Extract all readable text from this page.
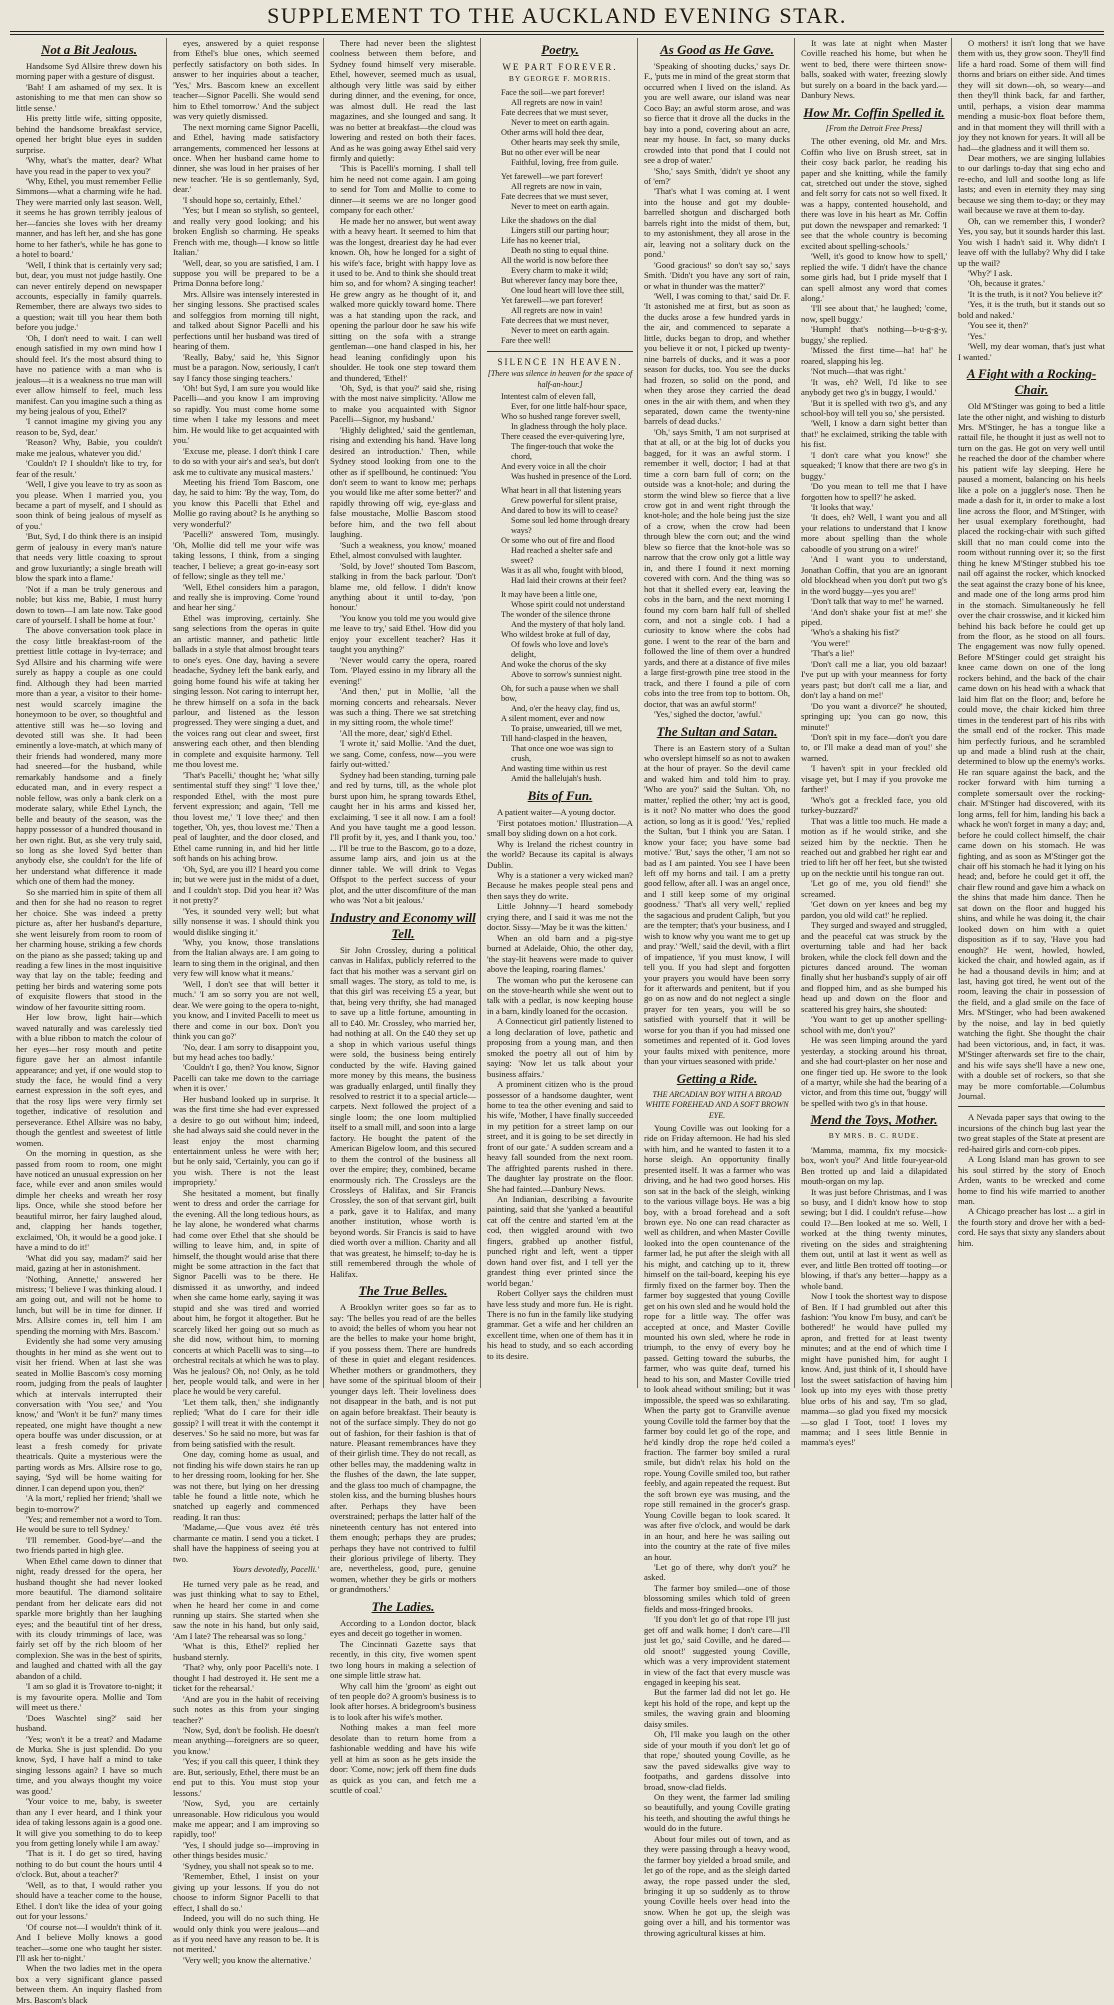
SUPPLEMENT TO THE AUCKLAND EVENING STAR.
Not a Bit Jealous.

Handsome Syd Allsire threw down his morning paper with a gesture of disgust.

'Bah! I am ashamed of my sex. It is astonishing to me that men can show so little sense.'

His pretty little wife, sitting opposite, behind the handsome breakfast service, opened her bright blue eyes in sudden surprise.

'Why, what's the matter, dear? What have you read in the paper to vex you?'

'Why, Ethel, you must remember Fellie Simmons—what a charming wife he had. They were married only last season. Well, it seems he has grown terribly jealous of her—fancies she loves with her dreamy manner, and has left her, and she has gone home to her father's, while he has gone to a hotel to board.'

'Well, I think that is certainly very sad; but, dear, you must not judge hastily. One can never entirely depend on newspaper accounts, especially in family quarrels. Remember, there are always two sides to a question; wait till you hear them both before you judge.'

'Oh, I don't need to wait. I can well enough satisfied in my own mind how I should feel. It's the most absurd thing to have no patience with a man who is jealous—it is a weakness no true man will ever allow himself to feel, much less manifest. Can you imagine such a thing as my being jealous of you, Ethel?'

'I cannot imagine my giving you any reason to be, Syd, dear.'

'Reason? Why, Babie, you couldn't make me jealous, whatever you did.'

'Couldn't I? I shouldn't like to try, for fear of the result.'

'Well, I give you leave to try as soon as you please. When I married you, you became a part of myself, and I should as soon think of being jealous of myself as of you.'

'But, Syd, I do think there is an insipid germ of jealousy in every man's nature that needs very little coaxing to sprout and grow luxuriantly; a single breath will blow the spark into a flame.'

'Not if a man be truly generous and noble; but kiss me, Babie, I must hurry down to town—I am late now. Take good care of yourself. I shall be home at four.'

The above conversation took place in the cosy little breakfast-room of the prettiest little cottage in Ivy-terrace; and Syd Allsire and his charming wife were surely as happy a couple as one could find. Although they had been married more than a year, a visitor to their home-nest would scarcely imagine the honeymoon to be over, so thoughtful and attentive still was he—so loving and devoted still was she. It had been eminently a love-match, at which many of their friends had wondered, many more had sneered—for the husband, while remarkably handsome and a finely educated man, and in every respect a noble fellow, was only a bank clerk on a moderate salary, while Ethel Lynch, the belle and beauty of the season, was the happy possessor of a hundred thousand in her own right. But, as she very truly said, so long as she loved Syd better than anybody else, she couldn't for the life of her understand what difference it made which one of them had the money.

So she married him in spite of them all and then for she had no reason to regret her choice. She was indeed a pretty picture as, after her husband's departure, she went leisurely from room to room of her charming house, striking a few chords on the piano as she passed; taking up and reading a few lines in the most inquisitive way that lay on the table; feeding and petting her birds and watering some pots of exquisite flowers that stood in the window of her favourite sitting room.

Her low brow, light hair—which waved naturally and was carelessly tied with a blue ribbon to match the colour of her eyes—her rosy mouth and petite figure gave her an almost infantile appearance; and yet, if one would stop to study the face, he would find a very earnest expression in the soft eyes, and that the rosy lips were very firmly set together, indicative of resolution and perseverance. Ethel Allsire was no baby, though the gentlest and sweetest of little women.

On the morning in question, as she passed from room to room, one might have noticed an unusual expression on her face, while ever and anon smiles would dimple her cheeks and wreath her rosy lips. Once, while she stood before her beautiful mirror, her fairy laughed aloud, and, clapping her hands together, exclaimed, 'Oh, it would be a good joke. I have a mind to do it!'

'What did you say, madam?' said her maid, gazing at her in astonishment.

'Nothing, Annette,' answered her mistress; 'I believe I was thinking aloud. I am going out, and will not be home to lunch, but will be in time for dinner. If Mrs. Allsire comes in, tell him I am spending the morning with Mrs. Bascom.'

Evidently she had some very amusing thoughts in her mind as she went out to visit her friend. When at last she was seated in Mollie Bascom's cosy morning room, judging from the peals of laughter which at intervals interrupted their conversation with 'You see,' and 'You know,' and 'Won't it be fun?' many times repeated, one might have thought a new opera bouffe was under discussion, or at least a fresh comedy for private theatricals. Quite a mysterious were the parting words as Mrs. Allsire rose to go, saying, 'Syd will be home waiting for dinner. I can depend upon you, then?'

'A la mort,' replied her friend; 'shall we begin to-morrow?'

'Yes; and remember not a word to Tom. He would be sure to tell Sydney.'

'I'll remember. Good-bye'—and the two friends parted in high glee.

When Ethel came down to dinner that night, ready dressed for the opera, her husband thought she had never looked more beautiful. The diamond solitaire pendant from her delicate ears did not sparkle more brightly than her laughing eyes; and the beautiful tint of her dress, with its cloudy trimmings of lace, was fairly set off by the rich bloom of her complexion. She was in the best of spirits, and laughed and chatted with all the gay abandon of a child.

'I am so glad it is Trovatore to-night; it is my favourite opera. Mollie and Tom will meet us there.'

'Does Waschtel sing?' said her husband.

'Yes; won't it be a treat? and Madame de Murka. She is just splendid. Do you know, Syd, I have half a mind to take singing lessons again? I have so much time, and you always thought my voice was good.'

'Your voice to me, baby, is sweeter than any I ever heard, and I think your idea of taking lessons again is a good one. It will give you something to do to keep you from getting lonely while I am away.'

'That is it. I do get so tired, having nothing to do but count the hours until 4 o'clock. But, about a teacher?'

'Well, as to that, I would rather you should have a teacher come to the house, Ethel. I don't like the idea of your going out for your lessons.'

'Of course not—I wouldn't think of it. And I believe Molly knows a good teacher—some one who taught her sister. I'll ask her to-night.'

When the two ladies met in the opera box a very significant glance passed between them. An inquiry flashed from Mrs. Bascom's black

eyes, answered by a quiet response from Ethel's blue ones, which seemed perfectly satisfactory on both sides. In answer to her inquiries about a teacher, 'Yes,' Mrs. Bascom knew an excellent teacher—Signor Pacelli. She would send him to Ethel tomorrow.' And the subject was very quietly dismissed.

The next morning came Signor Pacelli, and Ethel, having made satisfactory arrangements, commenced her lessons at once. When her husband came home to dinner, she was loud in her praises of her new teacher. 'He is so gentlemanly, Syd, dear.'

'I should hope so, certainly, Ethel.'

'Yes; but I mean so stylish, so genteel, and really very good looking; and his broken English so charming. He speaks French with me, though—I know so little Italian.'

'Well, dear, so you are satisfied, I am. I suppose you will be prepared to be a Prima Donna before long.'

Mrs. Allsire was intensely interested in her singing lessons. She practised scales and solfeggios from morning till night, and talked about Signor Pacelli and his perfections until her husband was tired of hearing of them.

'Really, Baby,' said he, 'this Signor must be a paragon. Now, seriously, I can't say I fancy those singing teachers.'

'Oh! but Syd, I am sure you would like Pacelli—and you know I am improving so rapidly. You must come home some time when I take my lessons and meet him. He would like to get acquainted with you.'

'Excuse me, please. I don't think I care to do so with your air's and sea's, but don't ask me to cultivate any musical masters.'

Meeting his friend Tom Bascom, one day, he said to him: 'By the way, Tom, do you know this Pacelli that Ethel and Mollie go raving about? Is he anything so very wonderful?'

'Pacelli?' answered Tom, musingly. 'Oh, Mollie did tell me your wife was taking lessons, I think, from a singing teacher, I believe; a great go-in-easy sort of fellow; single as they tell me.'

'Well, Ethel considers him a paragon, and really she is improving. Come 'round and hear her sing.'

Ethel was improving, certainly. She sang selections from the operas in quite an artistic manner, and pathetic little ballads in a style that almost brought tears to one's eyes. One day, having a severe headache, Sydney left the bank early, and going home found his wife at taking her singing lesson. Not caring to interrupt her, he threw himself on a sofa in the back parlour, and listened as the lesson progressed. They were singing a duet, and the voices rang out clear and sweet, first answering each other, and then blending in complete and exquisite harmony. Tell me thou lovest me.

'That's Pacelli,' thought he; 'what silly sentimental stuff they sing!' 'I love thee,' responded Ethel, with the most pure fervent expression; and again, 'Tell me thou lovest me,' 'I love thee;' and then together, 'Oh, yes, thou lovest me.' Then a peal of laughter, and the door closed, and Ethel came running in, and hid her little soft hands on his aching brow.

'Oh, Syd, are you ill? I heard you come in; but we were just in the midst of a duet, and I couldn't stop. Did you hear it? Was it not pretty?'

'Yes, it sounded very well; but what silly nonsense it was. I should think you would dislike singing it.'

'Why, you know, those translations from the Italian always are. I am going to learn to sing them in the original, and then very few will know what it means.'

'Well, I don't see that will better it much.' 'I am so sorry you are not well, dear. We were going to the opera to-night, you know, and I invited Pacelli to meet us there and come in our box. Don't you think you can go?'

'No, dear. I am sorry to disappoint you, but my head aches too badly.'

'Couldn't I go, then? You know, Signor Pacelli can take me down to the carriage when it is over.'

Her husband looked up in surprise. It was the first time she had ever expressed a desire to go out without him; indeed, she had always said she could never in the least enjoy the most charming entertainment unless he were with her; but he only said, 'Certainly, you can go if you wish. There is not the least impropriety.'

She hesitated a moment, but finally went to dress and order the carriage for the evening. All the long tedious hours, as he lay alone, he wondered what charms had come over Ethel that she should be willing to leave him, and, in spite of himself, the thought would arise that there might be some attraction in the fact that Signor Pacelli was to be there. He dismissed it as unworthy, and indeed when she came home early, saying it was stupid and she was tired and worried about him, he forgot it altogether. But he scarcely liked her going out so much as she did now, without him, to morning concerts at which Pacelli was to sing—to orchestral recitals at which he was to play. Was he jealous? Oh, no! Only, as he told her, people would talk, and were in her place he would be very careful.

'Let them talk, then,' she indignantly replied; 'What do I care for their idle gossip? I will treat it with the contempt it deserves.' So he said no more, but was far from being satisfied with the result.

One day, coming home as usual, and not finding his wife down stairs he ran up to her dressing room, looking for her. She was not there, but lying on her dressing table he found a little note, which he snatched up eagerly and commenced reading. It ran thus:

'Madame,—Que vous avez été très charmante ce matin. I send you a ticket. I shall have the happiness of seeing you at two.

Yours devotedly, Pacelli.'

He turned very pale as he read, and was just thinking what to say to Ethel, when he heard her come in and come running up stairs. She started when she saw the note in his hand, but only said, 'Am I late? The rehearsal was so long.'

'What is this, Ethel?' replied her husband sternly.

'That? why, only poor Pacelli's note. I thought I had destroyed it. He sent me a ticket for the rehearsal.'

'And are you in the habit of receiving such notes as this from your singing teacher?'

'Now, Syd, don't be foolish. He doesn't mean anything—foreigners are so queer, you know.'

'Yes; if you call this queer, I think they are. But, seriously, Ethel, there must be an end put to this. You must stop your lessons.'

'Now, Syd, you are certainly unreasonable. How ridiculous you would make me appear; and I am improving so rapidly, too!'

'Yes, I should judge so—improving in other things besides music.'

'Sydney, you shall not speak so to me.

'Remember, Ethel, I insist on your giving up your lessons. If you do not choose to inform Signor Pacelli to that effect, I shall do so.'

Indeed, you will do no such thing. He would only think you were jealous—and as if you need have any reason to be. It is not merited.'

'Very well; you know the alternative.'

There had never been the slightest coolness between them before, and Sydney found himself very miserable. Ethel, however, seemed much as usual, although very little was said by either during dinner, and the evening, for once, was almost dull. He read the last magazines, and she lounged and sang. It was no better at breakfast—the cloud was lowering and rested on both their faces. And as he was going away Ethel said very firmly and quietly:

'This is Pacelli's morning. I shall tell him he need not come again. I am going to send for Tom and Mollie to come to dinner—it seems we are no longer good company for each other.'

He made her no answer, but went away with a heavy heart. It seemed to him that was the longest, dreariest day he had ever known. Oh, how he longed for a sight of his wife's face, bright with happy love as it used to be. And to think she should treat him so, and for whom? A singing teacher! He grew angry as he thought of it, and walked more quickly toward home. There was a hat standing upon the rack, and opening the parlour door he saw his wife sitting on the sofa with a strange gentleman—one hand clasped in his, her head leaning confidingly upon his shoulder. He took one step toward them and thundered, 'Ethel!'

'Oh, Syd, is that you?' said she, rising with the most naive simplicity. 'Allow me to make you acquainted with Signor Pacelli—Signor, my husband.'

'Highly delighted,' said the gentleman, rising and extending his hand. 'Have long desired an introduction.' Then, while Sydney stood looking from one to the other as if spellbound, he continued: 'You don't seem to want to know me; perhaps you would like me after some better?' and rapidly throwing off wig, eye-glass and false moustache, Mollie Bascom stood before him, and the two fell about laughing.

'Such a weakness, you know,' moaned Ethel, almost convulsed with laughter.

'Sold, by Jove!' shouted Tom Bascom, stalking in from the back parlour. 'Don't blame me, old fellow. I didn't know anything about it until to-day, 'pon honour.'

'You know you told me you would give me leave to try,' said Ethel. 'How did you enjoy your excellent teacher? Has it taught you anything?'

'Never would carry the opera, roared Tom. 'Played essino in my library all the evening!'

'And then,' put in Mollie, 'all the morning concerts and rehearsals. Never was such a thing. There we sat stretching in my sitting room, the whole time!'

'All the more, dear,' sigh'd Ethel.

'I wrote it,' said Mollie. 'And the duet, we sang. Come, confess, now—you were fairly out-witted.'

Sydney had been standing, turning pale and red by turns, till, as the whole plot burst upon him, he sprang towards Ethel, caught her in his arms and kissed her, exclaiming, 'I see it all now. I am a fool! And you have taught me a good lesson. I'll profit by it, yes, and I thank you, too.' ... I'll be true to the Bascom, go to a doze, assume lamp airs, and join us at the dinner table. We will drink to Vegas Offspot to the perfect success of your plot, and the utter discomfiture of the man who was 'Not a bit jealous.'

Industry and Economy will Tell.

Sir John Crossley, during a political canvas in Halifax, publicly referred to the fact that his mother was a servant girl on small wages. The story, as told to me, is that this girl was receiving £5 a year, but that, being very thrifty, she had managed to save up a little fortune, amounting in all to £40. Mr. Crossley, who married her, had nothing at all. On the £40 they set up a shop in which various useful things were sold, the business being entirely conducted by the wife. Having gained more money by this means, the business was gradually enlarged, until finally they resolved to restrict it to a special article—carpets. Next followed the project of a single loom; the one loom multiplied itself to a small mill, and soon into a large factory. He bought the patent of the American Bigelow loom, and this secured to them the control of the business all over the empire; they, combined, became enormously rich. The Crossleys are the Crossleys of Halifax, and Sir Francis Crossley, the son of that servant girl, built a park, gave it to Halifax, and many another institution, whose worth is beyond words. Sir Francis is said to have died worth over a million. Charity and all that was greatest, he himself; to-day he is still remembered through the whole of Halifax.

The True Belles.

A Brooklyn writer goes so far as to say: 'The belles you read of are the belles to avoid; the belles of whom you hear not are the belles to make your home bright, if you possess them. There are hundreds of these in quiet and elegant residences. Whether mothers or grandmothers, they have some of the spiritual bloom of their younger days left. Their loveliness does not disappear in the bath, and is not put on again before breakfast. Their beauty is not of the surface simply. They do not go out of fashion, for their fashion is that of nature. Pleasant remembrances have they of their girlish time. They do not recall, as other belles may, the maddening waltz in the flushes of the dawn, the late supper, and the glass too much of champagne, the stolen kiss, and the burning blushes hours after. Perhaps they have been overstrained; perhaps the latter half of the nineteenth century has not entered into them enough; perhaps they are prudes; perhaps they have not contrived to fulfil their glorious privilege of liberty. They are, nevertheless, good, pure, genuine women, whether they be girls or mothers or grandmothers.'

The Ladies.

According to a London doctor, black eyes and deceit go together in women.

The Cincinnati Gazette says that recently, in this city, five women spent two long hours in making a selection of one simple little straw hat.

Why call him the 'groom' as eight out of ten people do? A groom's business is to look after horses. A bridegroom's business is to look after his wife's mother.

Nothing makes a man feel more desolate than to return home from a fashionable wedding and have his wife yell at him as soon as he gets inside the door: 'Come, now; jerk off them fine duds as quick as you can, and fetch me a scuttle of coal.'

Poetry.
WE PART FOREVER.

BY GEORGE F. MORRIS.

Face the soil—we part forever!

All regrets are now in vain!

Fate decrees that we must sever,

Never to meet on earth again.

Other arms will hold thee dear,

Other hearts may seek thy smile,

But no other ever will be near

Faithful, loving, free from guile.

Yet farewell—we part forever!

All regrets are now in vain,

Fate decrees that we must sever,

Never to meet on earth again.

Like the shadows on the dial

Lingers still our parting hour;

Life has no keener trial,

Death no sting to equal thine.

All the world is now before thee

Every charm to make it wild;

But wherever fancy may bore thee,

One loud heart will love thee still,

Yet farewell—we part forever!

All regrets are now in vain!

Fate decrees that we must never,

Never to meet on earth again.

Fare thee well!

SILENCE IN HEAVEN.

[There was silence in heaven for the space of half-an-hour.]

Intentest calm of eleven fall,

Ever, for one little half-hour space,

Who so hushed range forever swell,

In gladness through the holy place.

There ceased the ever-quivering lyre,

The finger-touch that woke the chord,

And every voice in all the choir

Was hushed in presence of the Lord.

What heart in all that listening years

Grew powerful for silent praise,

And dared to bow its will to cease?

Some soul led home through dreary ways?

Or some who out of fire and flood

Had reached a shelter safe and sweet?

Was it as all who, fought with blood,

Had laid their crowns at their feet?

It may have been a little one,

Whose spirit could not understand

The wonder of the silence throne

And the mystery of that holy land.

Who wildest broke at full of day,

Of fowls who love and love's delight,

And woke the chorus of the sky

Above to sorrow's sunniest night.

Oh, for such a pause when we shall bow,

And, o'er the heavy clay, find us,

A silent moment, ever and now

To praise, unwearied, till we met,

Till hand-clasped in the heaven,

That once one woe was sign to crush,

And wasting time within us rest

Amid the hallelujah's hush.

Bits of Fun.

A patient waiter—A young doctor.

'First potatoes motion.' Illustration—A small boy sliding down on a hot cork.

Why is Ireland the richest country in the world? Because its capital is always Dublin.

Why is a stationer a very wicked man? Because he makes people steal pens and then says they do write.

Little Johnny—'I heard somebody crying there, and I said it was me not the doctor. Sissy—'May be it was the kitten.'

When an old barn and a pig-stye burned at Adelaide, Ohio, the other day, 'the stay-lit heavens were made to quiver above the leaping, roaring flames.'

The woman who put the kerosene can on the stove-hearth while she went out to talk with a pedlar, is now keeping house in a barn, kindly loaned for the occasion.

A Connecticut girl patiently listened to a long declaration of love, pathetic and proposing from a young man, and then smoked the poetry all out of him by saying: 'Now let us talk about your business affairs.'

A prominent citizen who is the proud possessor of a handsome daughter, went home to tea the other evening and said to his wife, 'Mother, I have finally succeeded in my petition for a street lamp on our street, and it is going to be set directly in front of our gate.' A sudden scream and a heavy fall sounded from the next room. The affrighted parents rushed in there. The daughter lay prostrate on the floor. She had fainted.—Danbury News.

An Indianian, describing a favourite painting, said that she 'yanked a beautiful cat off the centre and started 'em at the cod, then wiggled around with two fingers, grabbed up another fistful, punched right and left, went a tipper down hand over fist, and I tell yer the grandest thing ever printed since the world began.'

Robert Collyer says the children must have less study and more fun. He is right. There is no fun in the family like studying grammar. Get a wife and her children an excellent time, when one of them has it in his head to study, and so each according to its desire.

As Good as He Gave.

'Speaking of shooting ducks,' says Dr. F., 'puts me in mind of the great storm that occurred when I lived on the island. As you are well aware, our island was near Coco Bay; an awful storm arose, and was so fierce that it drove all the ducks in the bay into a pond, covering about an acre, near my house. In fact, so many ducks crowded into that pond that I could not see a drop of water.'

'Sho,' says Smith, 'didn't ye shoot any of 'em?'

'That's what I was coming at. I went into the house and got my double-barrelled shotgun and discharged both barrels right into the midst of them, but, to my astonishment, they all arose in the air, leaving not a solitary duck on the pond.'

'Good gracious!' so don't say so,' says Smith. 'Didn't you have any sort of rain, or what in thunder was the matter?'

'Well, I was coming to that,' said Dr. F. 'It astonished me at first, but as soon as the ducks arose a few hundred yards in the air, and commenced to separate a little, ducks began to drop, and whether you believe it or not, I picked up twenty-nine barrels of ducks, and it was a poor season for ducks, too. You see the ducks had frozen, so solid on the pond, and when they arose they carried the dead ones in the air with them, and when they separated, down came the twenty-nine barrels of dead ducks.'

'Oh,' says Smith, 'I am not surprised at that at all, or at the big lot of ducks you bagged, for it was an awful storm. I remember it well, doctor; I had at that time a corn barn full of corn; on the outside was a knot-hole; and during the storm the wind blew so fierce that a live crow got in and went right through the knot-hole; and the hole being just the size of a crow, when the crow had been through blew the corn out; and the wind blew so fierce that the knot-hole was so narrow that the crow only got a little way in, and there I found it next morning covered with corn. And the thing was so hot that it shelled every ear, leaving the cobs in the barn, and the next morning I found my corn barn half full of shelled corn, and not a single cob. I had a curiosity to know where the cobs had gone. I went to the rear of the barn and followed the line of them over a hundred yards, and there at a distance of five miles a large first-growth pine tree stood in the track, and there I found a pile of corn cobs into the tree from top to bottom. Oh, doctor, that was an awful storm!'

'Yes,' sighed the doctor, 'awful.'

The Sultan and Satan.

There is an Eastern story of a Sultan who overslept himself so as not to awaken at the hour of prayer. So the devil came and waked him and told him to pray. 'Who are you?' said the Sultan. 'Oh, no matter,' replied the other; 'my act is good, is it not? No matter who does the good action, so long as it is good.' 'Yes,' replied the Sultan, 'but I think you are Satan. I know your face; you have some bad motive.' 'But,' says the other, 'I am not so bad as I am painted. You see I have been left off my horns and tail. I am a pretty good fellow, after all. I was an angel once, and I still keep some of my original goodness.' 'That's all very well,' replied the sagacious and prudent Caliph, 'but you are the tempter; that's your business, and I wish to know why you want me to get up and pray.' 'Well,' said the devil, with a flirt of impatience, 'if you must know, I will tell you. If you had slept and forgotten your prayers you would have been sorry for it afterwards and penitent, but if you go on as now and do not neglect a single prayer for ten years, you will be so satisfied with yourself that it will be worse for you than if you had missed one sometimes and repented of it. God loves your faults mixed with penitence, more than your virtues seasoned with pride.'

Getting a Ride.

THE ARCADIAN BOY WITH A BROAD WHITE FOREHEAD AND A SOFT BROWN EYE.

Young Coville was out looking for a ride on Friday afternoon. He had his sled with him, and he wanted to fasten it to a horse sleigh. An opportunity finally presented itself. It was a farmer who was driving, and he had two good horses. His son sat in the back of the sleigh, winking to the various village boys. He was a big boy, with a broad forehead and a soft brown eye. No one can read character as well as children, and when Master Coville looked into the open countenance of the farmer lad, he put after the sleigh with all his might, and catching up to it, threw himself on the tail-board, keeping his eye firmly fixed on the farmer boy. Then the farmer boy suggested that young Coville get on his own sled and he would hold the rope for a little way. The offer was accepted at once, and Master Coville mounted his own sled, where he rode in triumph, to the envy of every boy he passed. Getting toward the suburbs, the farmer, who was quite deaf, turned his head to his son, and Master Coville tried to look ahead without smiling; but it was impossible, the speed was so exhilarating. When the party got to Granville avenue young Coville told the farmer boy that the farmer boy could let go of the rope, and he'd kindly drop the rope he'd coiled a fraction. The farmer boy smiled a rural smile, but didn't relax his hold on the rope. Young Coville smiled too, but rather feebly, and again repeated the request. But the soft brown eye was musing, and the rope still remained in the grocer's grasp. Young Coville began to look scared. It was after five o'clock, and would be dark in an hour, and here he was sailing out into the country at the rate of five miles an hour.

'Let go of there, why don't you?' he asked.

The farmer boy smiled—one of those blossoming smiles which told of green fields and moss-fringed brooks.

'If you don't let go of that rope I'll just get off and walk home; I don't care—I'll just let go,' said Coville, and he dared—old snoot!' suggested young Coville, which was a very improvident statement in view of the fact that every muscle was engaged in keeping his seat.

But the farmer lad did not let go. He kept his hold of the rope, and kept up the smiles, the waving grain and blooming daisy smiles.

Oh, I'll make you laugh on the other side of your mouth if you don't let go of that rope,' shouted young Coville, as he saw the paved sidewalks give way to footpaths, and gardens dissolve into broad, snow-clad fields.

On they went, the farmer lad smiling so beautifully, and young Coville grating his teeth, and shouting the awful things he would do in the future.

About four miles out of town, and as they were passing through a heavy wood, the farmer boy yielded a broad smile, and let go of the rope, and as the sleigh darted away, the rope passed under the sled, bringing it up so suddenly as to throw young Coville heels over head into the snow. When he got up, the sleigh was going over a hill, and his tormentor was throwing agricultural kisses at him.

It was late at night when Master Coville reached his home, but when he went to bed, there were thirteen snow-balls, soaked with water, freezing slowly but surely on a board in the back yard.—Danbury News.

How Mr. Coffin Spelled it.

[From the Detroit Free Press]

The other evening, old Mr. and Mrs. Coffin who live on Brush street, sat in their cosy back parlor, he reading his paper and she knitting, while the family cat, stretched out under the stove, sighed and felt sorry for cats not so well fixed. It was a happy, contented household, and there was love in his heart as Mr. Coffin put down the newspaper and remarked: 'I see that the whole country is becoming excited about spelling-schools.'

'Well, it's good to know how to spell,' replied the wife. 'I didn't have the chance some girls had, but I pride myself that I can spell almost any word that comes along.'

'I'll see about that,' he laughed; 'come, now, spell buggy.'

'Humph! that's nothing—b-u-g-g-y, buggy,' she replied.

'Missed the first time—ha! ha!' he roared, slapping his leg.

'Not much—that was right.'

'It was, eh? Well, I'd like to see anybody get two g's in buggy, I would.'

'But it is spelled with two g's, and any school-boy will tell you so,' she persisted.

'Well, I know a darn sight better than that!' he exclaimed, striking the table with his fist.

'I don't care what you know!' she squeaked; 'I know that there are two g's in buggy.'

'Do you mean to tell me that I have forgotten how to spell?' he asked.

'It looks that way.'

'It does, eh? Well, I want you and all your relations to understand that I know more about spelling than the whole caboodle of you strung on a wire!'

'And I want you to understand, Jonathan Coffin, that you are an ignorant old blockhead when you don't put two g's in the word buggy—yes you are!'

'Don't talk that way to me!' he warned.

'And don't shake your fist at me!' she piped.

'Who's a shaking his fist?'

'You were!'

'That's a lie!'

'Don't call me a liar, you old bazaar! I've put up with your meanness for forty years past; but don't call me a liar, and don't lay a hand on me!'

'Do you want a divorce?' he shouted, springing up; 'you can go now, this minute!'

'Don't spit in my face—don't you dare to, or I'll make a dead man of you!' she warned.

'I haven't spit in your freckled old visage yet, but I may if you provoke me farther!'

'Who's got a freckled face, you old turkey-buzzard?'

That was a little too much. He made a motion as if he would strike, and she seized him by the necktie. Then he reached out and grabbed her right ear and tried to lift her off her feet, but she twisted up on the necktie until his tongue ran out.

'Let go of me, you old fiend!' she screamed.

'Get down on yer knees and beg my pardon, you old wild cat!' he replied.

They surged and swayed and struggled, and the peaceful cat was struck by the overturning table and had her back broken, while the clock fell down and the pictures danced around. The woman finally shut her husband's supply of air off and flopped him, and as she bumped his head up and down on the floor and scattered his grey hairs, she shouted:

'You want to get up another spelling-school with me, don't you?'

He was seen limping around the yard yesterday, a stocking around his throat, and she had court-plaster on her nose and one finger tied up. He swore to the look of a martyr, while she had the bearing of a victor, and from this time out, 'buggy' will be spelled with two g's in that house.

Mend the Toys, Mother.

BY MRS. B. C. RUDE.

'Mamma, mamma, fix my mocsick-box, won't you?' And little four-year-old Ben trotted up and laid a dilapidated mouth-organ on my lap.

It was just before Christmas, and I was so busy, and I didn't know how to stop sewing; but I did. I couldn't refuse—how could I?—Ben looked at me so. Well, I worked at the thing twenty minutes, riveting on the sides and straightening them out, until at last it went as well as ever, and little Ben trotted off tooting—or blowing, if that's any better—happy as a whole band.

Now I took the shortest way to dispose of Ben. If I had grumbled out after this fashion: 'You know I'm busy, and can't be bothered!' he would have pulled my apron, and fretted for at least twenty minutes; and at the end of which time I might have punished him, for aught I know. And, just think of it, I should have lost the sweet satisfaction of having him look up into my eyes with those pretty blue orbs of his and say, 'I'm so glad, mamma—so glad you fixed my mocsick—so glad I Toot, toot! I loves my mamma; and I sees little Bennie in mamma's eyes!'

O mothers! it isn't long that we have them with us, they grow soon. They'll find life a hard road. Some of them will find thorns and briars on either side. And times they will sit down—oh, so weary—and then they'll think back, far and farther, until, perhaps, a vision dear mamma mending a music-box float before them, and in that moment they will thrill with a joy they not known for years. It will all be had—the gladness and it will them so.

Dear mothers, we are singing lullabies to our darlings to-day that sing echo and re-echo, and lull and soothe long as life lasts; and even in eternity they may sing because we sing them to-day; or they may wail because we rave at them to-day.

Oh, can we remember this, I wonder? Yes, you say, but it sounds harder this last. You wish I hadn't said it. Why didn't I leave off with the lullaby? Why did I take up the wail?

'Why?' I ask.

'Oh, because it grates.'

'It is the truth, is it not? You believe it?'

'Yes, it is the truth, but it stands out so bold and naked.'

'You see it, then?'

'Yes.'

'Well, my dear woman, that's just what I wanted.'

A Fight with a Rocking-Chair.

Old M'Stinger was going to bed a little late the other night, and wishing to disturb Mrs. M'Stinger, he has a tongue like a rattail file, he thought it just as well not to turn on the gas. He got on very well until he reached the door of the chamber where his patient wife lay sleeping. Here he paused a moment, balancing on his heels like a pole on a juggler's nose. Then he made a dash for it, in order to make a lost line across the floor, and M'Stinger, with her usual exemplary forethought, had placed the rocking-chair with such gifted skill that no man could come into the room without running over it; so the first thing he knew M'Stinger stubbed his toe nail off against the rocker, which knocked the seat against the crazy bone of his knee, and made one of the long arms prod him in the stomach. Simultaneously he fell over the chair crosswise, and it kicked him behind his back before he could get up from the floor, as he stood on all fours. The engagement was now fully opened. Before M'Stinger could get straight his knee came down on one of the long rockers behind, and the back of the chair came down on his head with a whack that laid him flat on the floor; and, before he could move, the chair kicked him three times in the tenderest part of his ribs with the small end of the rocker. This made him perfectly furious, and he scrambled up and made a blind rush at the chair, determined to blow up the enemy's works. He ran square against the back, and the rocker forward with him turning a complete somersault over the rocking-chair. M'Stinger had discovered, with its long arms, fell for him, landing his back a whack he won't forget in many a day; and, before he could collect himself, the chair came down on his stomach. He was fighting, and as soon as M'Stinger got the chair off his stomach he had it lying on his head; and, before he could get it off, the chair flew round and gave him a whack on the shins that made him dance. Then he sat down on the floor and hugged his shins, and while he was doing it, the chair looked down on him with a quiet disposition as if to say, 'Have you had enough?' He went, howled, howled, kicked the chair, and howled again, as if he had a thousand devils in him; and at last, having got tired, he went out of the room, leaving the chair in possession of the field, and a glad smile on the face of Mrs. M'Stinger, who had been awakened by the noise, and lay in bed quietly watching the fight. She thought the chair had been victorious, and, in fact, it was. M'Stinger afterwards set fire to the chair, and his wife says she'll have a new one, with a double set of rockers, so that she may be more comfortable.—Columbus Journal.

A Nevada paper says that owing to the incursions of the chinch bug last year the two great staples of the State at present are red-haired girls and corn-cob pipes.

A Long Island man has grown to see his soul stirred by the story of Enoch Arden, wants to be wrecked and come home to find his wife married to another man.

A Chicago preacher has lost ... a girl in the fourth story and drove her with a bed-cord. He says that sixty any slanders about him.
